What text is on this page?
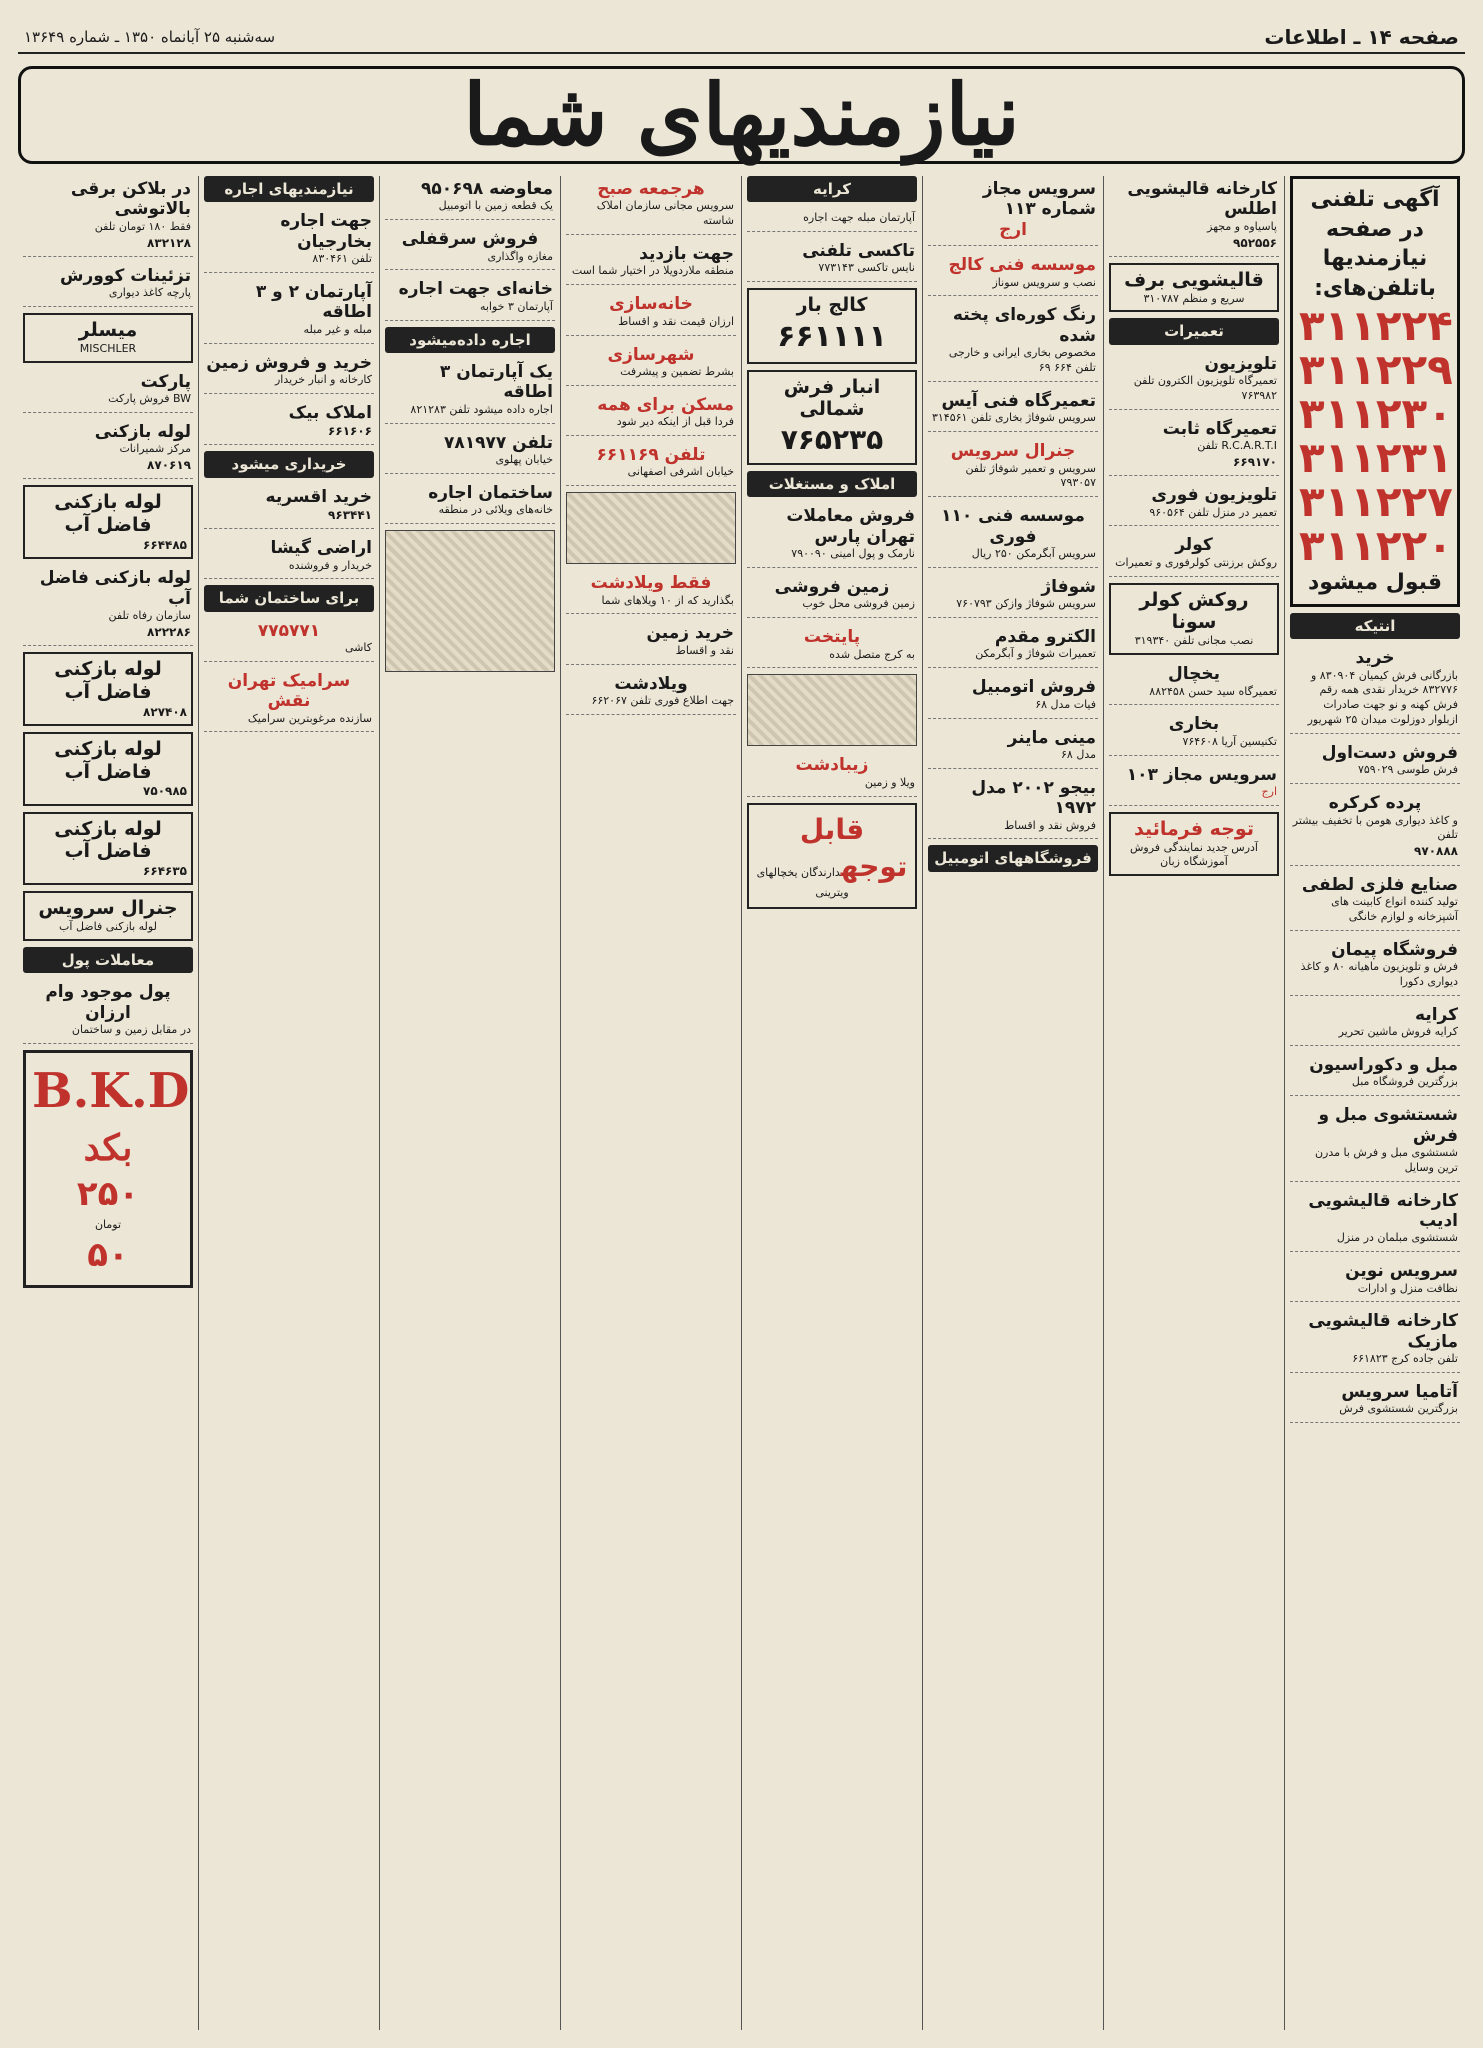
صفحه ۱۴ ـ اطلاعات
سه‌شنبه ۲۵ آبانماه ۱۳۵۰ ـ شماره ۱۳۶۴۹
نیازمندیهای شما
آگهی تلفنی در صفحه نیازمندیها
باتلفن‌های:
۳۱۱۲۲۴
۳۱۱۲۲۹
۳۱۱۲۳۰
۳۱۱۲۳۱
۳۱۱۲۲۷
۳۱۱۲۲۰
قبول میشود
انتیکه
خرید
بازرگانی فرش کیمیان ۸۳۰۹۰۴ و ۸۳۲۷۷۶ خریدار نقدی همه رقم فرش کهنه و نو جهت صادرات ازبلوار دوزلوت میدان ۲۵ شهریور
فروش دست‌اول
فرش طوسی ۷۵۹۰۲۹
پرده کرکره
و کاغذ دیواری هومن با تخفیف بیشتر تلفن
۹۷۰۸۸۸
صنایع فلزی لطفی
تولید کننده انواع کابینت های آشپزخانه و لوازم خانگی
فروشگاه پیمان
فرش و تلویزیون ماهیانه ۸۰ و کاغذ دیواری دکورا
کرایه
کرایه فروش ماشین تحریر
مبل و دکوراسیون
بزرگترین فروشگاه مبل
شستشوی مبل و فرش
شستشوی مبل و فرش با مدرن ترین وسایل
کارخانه قالیشویی ادیب
شستشوی مبلمان در منزل
سرویس نوین
نظافت منزل و ادارات
کارخانه قالیشویی مازیک
تلفن جاده کرج ۶۶۱۸۲۳
آتامیا سرویس
بزرگترین شستشوی فرش
کارخانه قالیشویی اطلس
پاسیاوه و مجهز
۹۵۲۵۵۶
قالیشویی برف
سریع و منظم ۳۱۰۷۸۷
تعمیرات
تلویزیون
تعمیرگاه تلویزیون الکترون تلفن ۷۶۳۹۸۲
تعمیرگاه ثابت
R.C.A.R.T.I تلفن
۶۶۹۱۷۰
تلویزیون فوری
تعمیر در منزل تلفن ۹۶۰۵۶۴
کولر
روکش برزنتی کولرفوری و تعمیرات
روکش کولر سونا
نصب مجانی تلفن ۳۱۹۳۴۰
یخچال
تعمیرگاه سید حسن ۸۸۲۴۵۸
بخاری
تکنیسین آریا ۷۶۴۶۰۸
سرویس مجاز ۱۰۳
ارج
توجه فرمائید
آدرس جدید نمایندگی فروش آموزشگاه زبان
سرویس مجاز شماره ۱۱۳
ارج
موسسه فنی کالج
نصب و سرویس سوناز
رنگ کوره‌ای پخته شده
مخصوص بخاری ایرانی و خارجی تلفن ۶۶۴ ۶۹
تعمیرگاه فنی آیس
سرویس شوفاژ بخاری تلفن ۳۱۴۵۶۱
جنرال سرویس
سرویس و تعمیر شوفاژ تلفن ۷۹۳۰۵۷
موسسه فنی ۱۱۰ فوری
سرویس آبگرمکن ۲۵۰ ریال
شوفاژ
سرویس شوفاژ وازکن ۷۶۰۷۹۳
الکترو مقدم
تعمیرات شوفاژ و آبگرمکن
فروش اتومبیل
فیات مدل ۶۸
مینی ماینر
مدل ۶۸
بیجو ۲۰۰۲ مدل ۱۹۷۲
فروش نقد و اقساط
فروشگاههای اتومبیل
کرایه
آپارتمان مبله جهت اجاره
تاکسی تلفنی
نایس تاکسی ۷۷۳۱۴۳
کالج بار
۶۶۱۱۱۱
انبار فرش شمالی
۷۶۵۲۳۵
املاک و مستغلات
فروش معاملات تهران پارس
نارمک و پول امینی ۷۹۰۰۹۰
زمین فروشی
زمین فروشی محل خوب
پایتخت
به کرج متصل شده
زیبادشت
ویلا و زمین
قابل توجهدارندگان یخچالهای ویترینی
هرجمعه صبح
سرویس مجانی سازمان املاک شاسته
جهت بازدید
منطقه ملاردویلا در اختیار شما است
خانه‌سازی
ارزان قیمت نقد و اقساط
شهرسازی
بشرط تضمین و پیشرفت
مسکن برای همه
فردا قبل از اینکه دیر شود
تلفن ۶۶۱۱۶۹
خیابان اشرفی اصفهانی
فقط ویلادشت
بگذارید که از ۱۰ ویلاهای شما
خرید زمین
نقد و اقساط
ویلادشت
جهت اطلاع فوری تلفن ۶۶۲۰۶۷
معاوضه ۹۵۰۶۹۸
یک قطعه زمین با اتومبیل
فروش سرقفلی
مغازه واگذاری
خانه‌ای جهت اجاره
آپارتمان ۳ خوابه
اجاره داده‌میشود
یک آپارتمان ۳ اطاقه
اجاره داده میشود تلفن ۸۲۱۲۸۳
تلفن ۷۸۱۹۷۷
خیابان پهلوی
ساختمان اجاره
خانه‌های ویلائی در منطقه
نیازمندیهای اجاره
جهت اجاره بخارجیان
تلفن ۸۳۰۴۶۱
آپارتمان ۲ و ۳ اطاقه
مبله و غیر مبله
خرید و فروش زمین
کارخانه و انبار خریدار
املاک بیک
۶۶۱۶۰۶
خریداری میشود
خرید اقسریه
۹۶۳۴۴۱
اراضی گیشا
خریدار و فروشنده
برای ساختمان شما
۷۷۵۷۷۱
کاشی
سرامیک تهران نقش
سازنده مرغوبترین سرامیک
در بلاکن برقی بالاتوشی
فقط ۱۸۰ تومان تلفن
۸۳۲۱۲۸
تزئینات کوورش
پارچه کاغذ دیواری
میسلر
MISCHLER
پارکت
BW فروش پارکت
لوله بازکنی
مرکز شمیرانات
۸۷۰۶۱۹
لوله بازکنی فاضل آب
۶۶۴۴۸۵
لوله بازکنی فاضل آب
سازمان رفاه تلفن
۸۲۲۲۸۶
لوله بازکنی فاضل آب
۸۲۷۴۰۸
لوله بازکنی فاضل آب
۷۵۰۹۸۵
لوله بازکنی فاضل آب
۶۶۴۶۳۵
جنرال سرویس
لوله بازکنی فاضل آب
معاملات پول
پول موجود وام ارزان
در مقابل زمین و ساختمان
B.K.D
بکد
۲۵۰
تومان
۵۰
